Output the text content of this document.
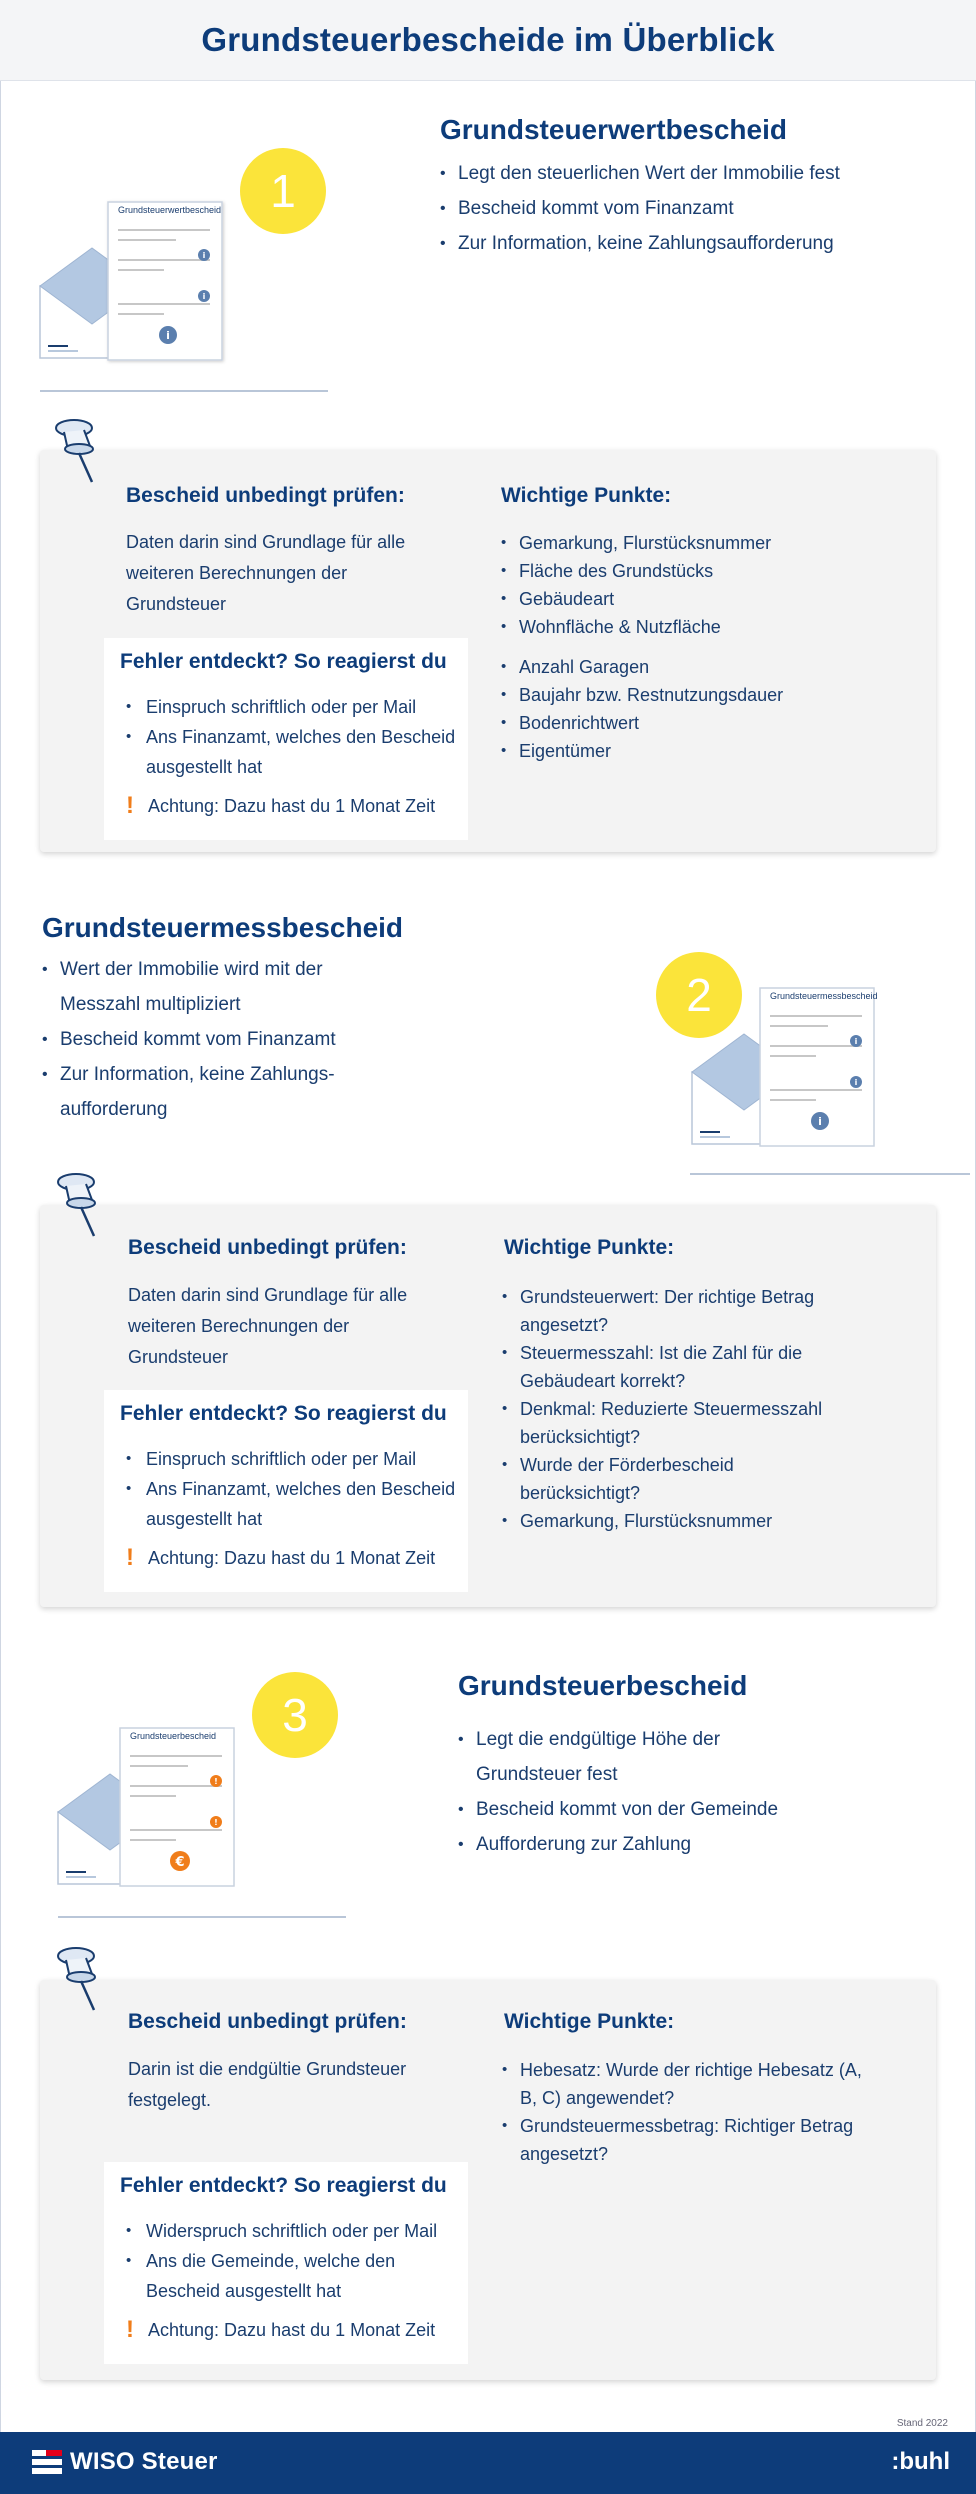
Grundsteuerbescheide im Überblick
1
i
i
i
Grundsteuerwertbescheid
Grundsteuerwertbescheid
• Legt den steuerlichen Wert der Immobilie fest
• Bescheid kommt vom Finanzamt
• Zur Information, keine Zahlungsaufforderung
Bescheid unbedingt prüfen:

Daten darin sind Grundlage für alle weiteren Berechnungen der Grundsteuer

Fehler entdeckt? So reagierst du
• Einspruch schriftlich oder per Mail
• Ans Finanzamt, welches den Bescheid ausgestellt hat
! Achtung: Dazu hast du 1 Monat Zeit
Wichtige Punkte:
• Gemarkung, Flurstücksnummer
• Fläche des Grundstücks
• Gebäudeart
• Wohnfläche & Nutzfläche
• Anzahl Garagen
• Baujahr bzw. Restnutzungsdauer
• Bodenrichtwert
• Eigentümer
Grundsteuermessbescheid
• Wert der Immobilie wird mit der Messzahl multipliziert
• Bescheid kommt vom Finanzamt
• Zur Information, keine Zahlungs-aufforderung
2
i
i
i
Grundsteuermessbescheid
Bescheid unbedingt prüfen:

Daten darin sind Grundlage für alle weiteren Berechnungen der Grundsteuer

Fehler entdeckt? So reagierst du
• Einspruch schriftlich oder per Mail
• Ans Finanzamt, welches den Bescheid ausgestellt hat
! Achtung: Dazu hast du 1 Monat Zeit
Wichtige Punkte:
• Grundsteuerwert: Der richtige Betrag angesetzt?
• Steuermesszahl: Ist die Zahl für die Gebäudeart korrekt?
• Denkmal: Reduzierte Steuermesszahl berücksichtigt?
• Wurde der Förderbescheid berücksichtigt?
• Gemarkung, Flurstücksnummer
3
€
!
!
Grundsteuerbescheid
Grundsteuerbescheid
• Legt die endgültige Höhe der Grundsteuer fest
• Bescheid kommt von der Gemeinde
• Aufforderung zur Zahlung
Bescheid unbedingt prüfen:

Darin ist die endgültie Grundsteuer festgelegt.

Fehler entdeckt? So reagierst du
• Widerspruch schriftlich oder per Mail
• Ans die Gemeinde, welche den Bescheid ausgestellt hat
! Achtung: Dazu hast du 1 Monat Zeit
Wichtige Punkte:
• Hebesatz: Wurde der richtige Hebesatz (A, B, C) angewendet?
• Grundsteuermessbetrag: Richtiger Betrag angesetzt?
Stand 2022
WISO Steuer	:buhl
